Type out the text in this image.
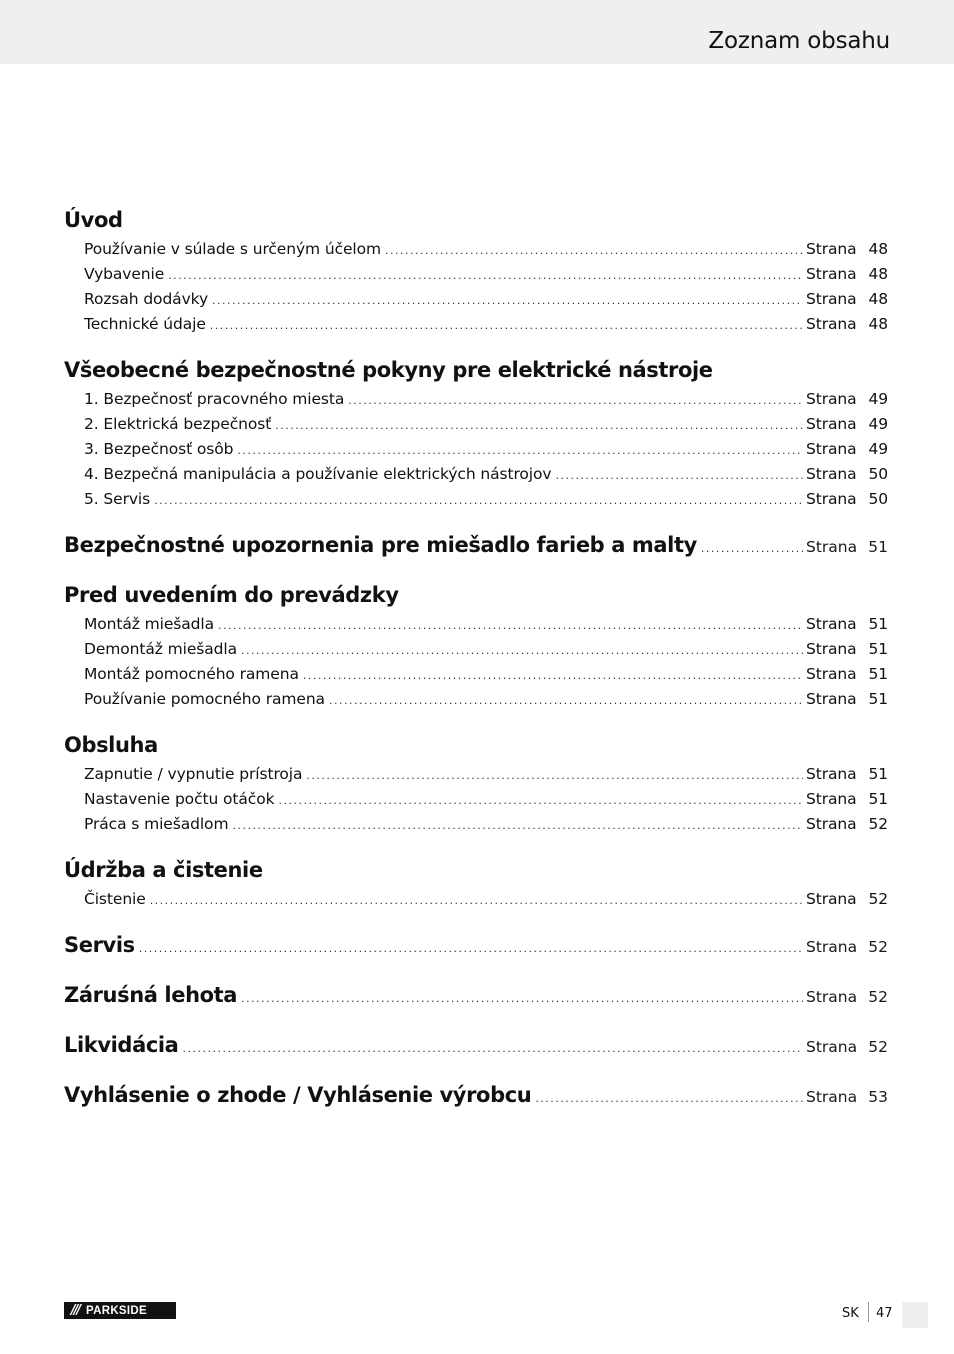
Zoznam obsahu
Úvod
Používanie v súlade s určeným účelom .....	Strana 48
Vybavenie .....	Strana 48
Rozsah dodávky .....	Strana 48
Technické údaje .....	Strana 48
Všeobecné bezpečnostné pokyny pre elektrické nástroje
1. Bezpečnosť pracovného miesta .....	Strana 49
2. Elektrická bezpečnosť .....	Strana 49
3. Bezpečnosť osôb .....	Strana 49
4. Bezpečná manipulácia a používanie elektrických nástrojov .....	Strana 50
5. Servis .....	Strana 50
Bezpečnostné upozornenia pre miešadlo farieb a malty .....	Strana 51
Pred uvedením do prevádzky
Montáž miešadla .....	Strana 51
Demontáž miešadla .....	Strana 51
Montáž pomocného ramena .....	Strana 51
Používanie pomocného ramena .....	Strana 51
Obsluha
Zapnutie / vypnutie prístroja .....	Strana 51
Nastavenie počtu otáčok .....	Strana 51
Práca s miešadlom .....	Strana 52
Údržba a čistenie
Čistenie .....	Strana 52
Servis .....	Strana 52
Záruśná lehota .....	Strana 52
Likvidácia .....	Strana 52
Vyhlásenie o zhode / Vyhlásenie výrobcu .....	Strana 53
/// PARKSIDE	SK 47
